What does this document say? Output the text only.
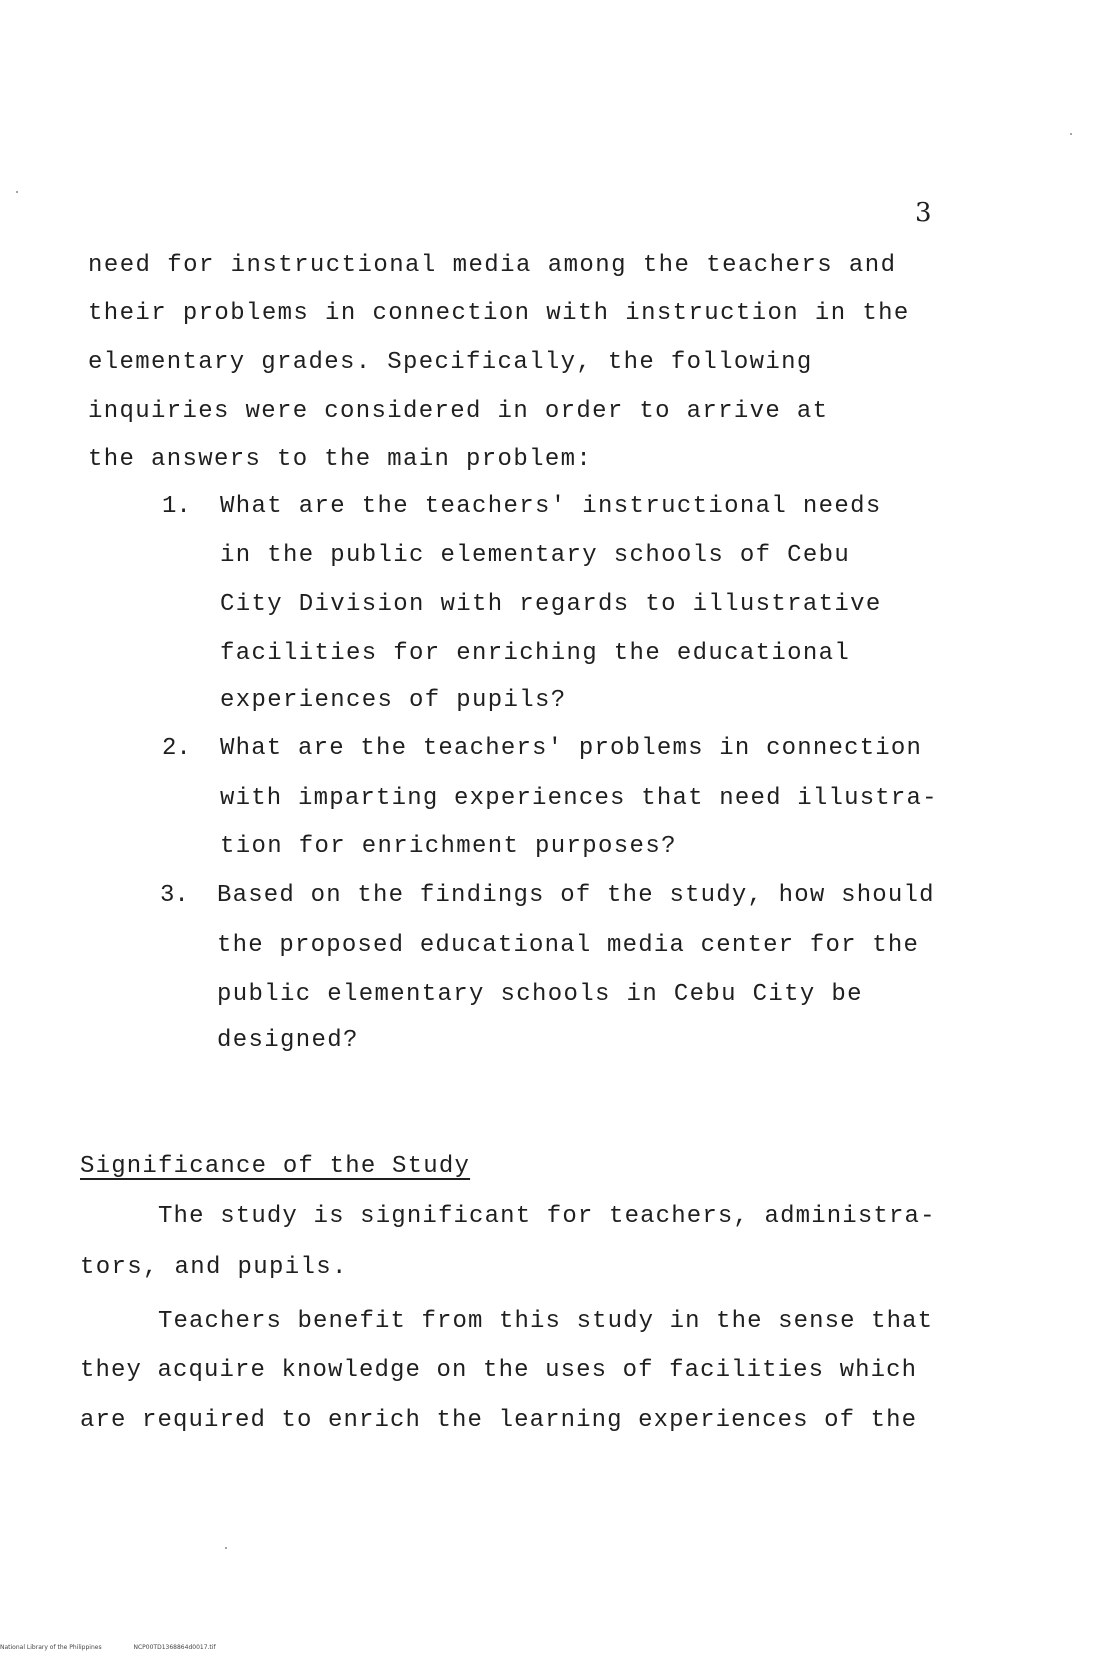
3
need for instructional media among the teachers and
their problems in connection with instruction in the
elementary grades. Specifically, the following
inquiries were considered in order to arrive at
the answers to the main problem:
1. What are the teachers' instructional needs
in the public elementary schools of Cebu
City Division with regards to illustrative
facilities for enriching the educational
experiences of pupils?
2. What are the teachers' problems in connection
with imparting experiences that need illustra-
tion for enrichment purposes?
3. Based on the findings of the study, how should
the proposed educational media center for the
public elementary schools in Cebu City be
designed?
Significance of the Study
The study is significant for teachers, administra-
tors, and pupils.
Teachers benefit from this study in the sense that
they acquire knowledge on the uses of facilities which
are required to enrich the learning experiences of the
National Library of the Philippines	NCP00TD1368864d0017.tif
